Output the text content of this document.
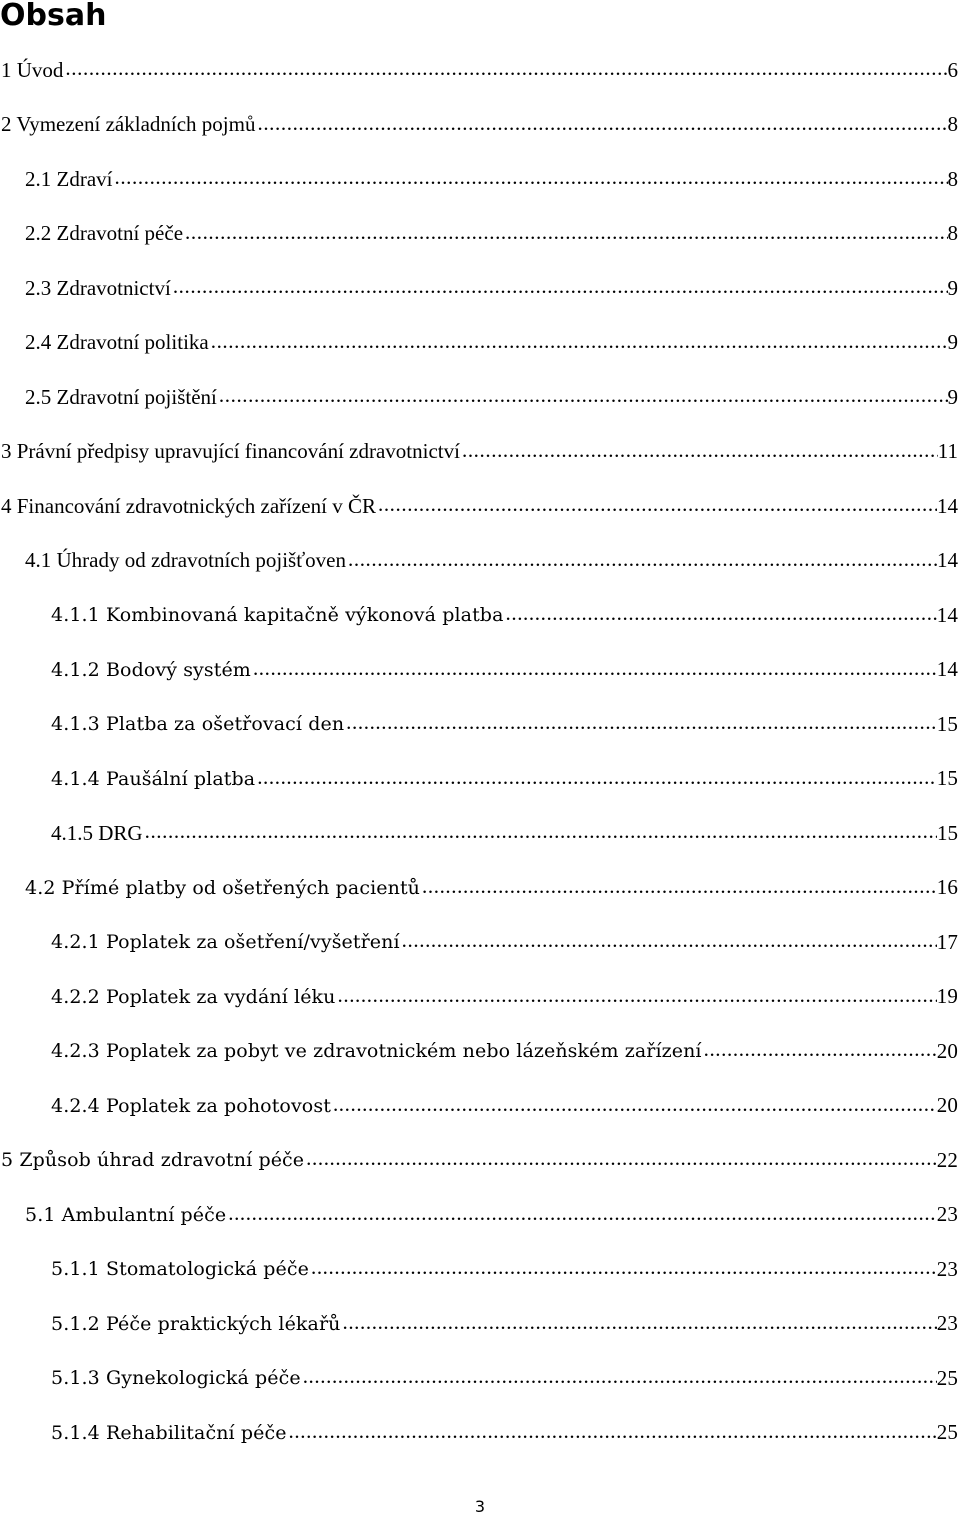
Obsah
1 Úvod .....	6
2 Vymezení základních pojmů .....	8
2.1 Zdraví .....	8
2.2 Zdravotní péče .....	8
2.3 Zdravotnictví .....	9
2.4 Zdravotní politika .....	9
2.5 Zdravotní pojištění .....	9
3 Právní předpisy upravující financování zdravotnictví .....	11
4 Financování zdravotnických zařízení v ČR .....	14
4.1 Úhrady od zdravotních pojišťoven .....	14
4.1.1 Kombinovaná kapitačně výkonová platba .....	14
4.1.2 Bodový systém .....	14
4.1.3 Platba za ošetřovací den .....	15
4.1.4 Paušální platba .....	15
4.1.5 DRG .....	15
4.2 Přímé platby od ošetřených pacientů .....	16
4.2.1 Poplatek za ošetření/vyšetření .....	17
4.2.2 Poplatek za vydání léku .....	19
4.2.3 Poplatek za pobyt ve zdravotnickém nebo lázeňském zařízení .....	20
4.2.4 Poplatek za pohotovost .....	20
5 Způsob úhrad zdravotní péče .....	22
5.1 Ambulantní péče .....	23
5.1.1 Stomatologická péče .....	23
5.1.2 Péče praktických lékařů .....	23
5.1.3 Gynekologická péče .....	25
5.1.4 Rehabilitační péče .....	25
3
